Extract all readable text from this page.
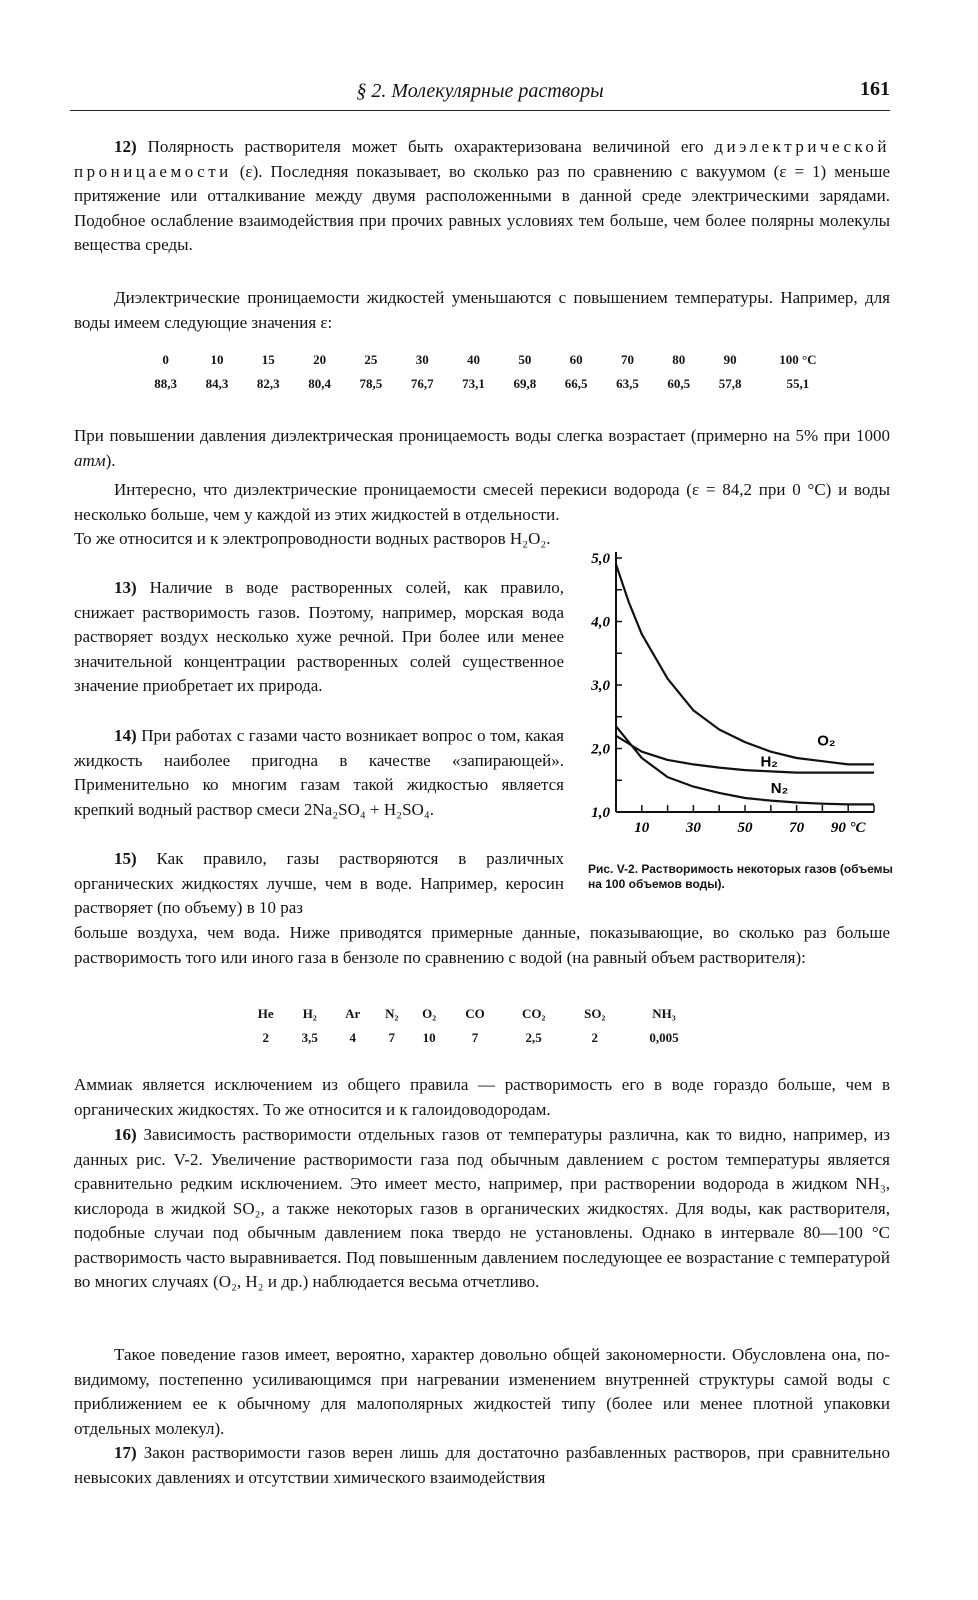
§ 2. Молекулярные растворы	161

12) Полярность растворителя может быть охарактеризована величиной его диэлектрической проницаемости (ε). Последняя показывает, во сколько раз по сравнению с вакуумом (ε = 1) меньше притяжение или отталкивание между двумя расположенными в данной среде электрическими зарядами. Подобное ослабление взаимодействия при прочих равных условиях тем больше, чем более полярны молекулы вещества среды.

Диэлектрические проницаемости жидкостей уменьшаются с повышением температуры. Например, для воды имеем следующие значения ε:

0	10	15	20	25	30	40	50	60	70	80	90	100 °C
88,3	84,3	82,3	80,4	78,5	76,7	73,1	69,8	66,5	63,5	60,5	57,8	55,1

При повышении давления диэлектрическая проницаемость воды слегка возрастает (примерно на 5% при 1000 атм).

Интересно, что диэлектрические проницаемости смесей перекиси водорода (ε = 84,2 при 0 °C) и воды несколько больше, чем у каждой из этих жидкостей в отдельности.

То же относится и к электропроводности водных растворов H₂O₂.

13) Наличие в воде растворенных солей, как правило, снижает растворимость газов. Поэтому, например, морская вода растворяет воздух несколько хуже речной. При более или менее значительной концентрации растворенных солей существенное значение приобретает их природа.

14) При работах с газами часто возникает вопрос о том, какая жидкость наиболее пригодна в качестве «запирающей». Применительно ко многим газам такой жидкостью является крепкий водный раствор смеси 2Na₂SO₄ + H₂SO₄.

15) Как правило, газы растворяются в различных органических жидкостях лучше, чем в воде. Например, керосин растворяет (по объему) в 10 раз

больше воздуха, чем вода. Ниже приводятся примерные данные, показывающие, во сколько раз больше растворимость того или иного газа в бензоле по сравнению с водой (на равный объем растворителя):

He	H₂	Ar	N₂	O₂	CO	CO₂	SO₂	NH₃
2	3,5	4	7	10	7	2,5	2	0,005

Аммиак является исключением из общего правила — растворимость его в воде гораздо больше, чем в органических жидкостях. То же относится и к галоидоводородам.

16) Зависимость растворимости отдельных газов от температуры различна, как то видно, например, из данных рис. V-2. Увеличение растворимости газа под обычным давлением с ростом температуры является сравнительно редким исключением. Это имеет место, например, при растворении водорода в жидком NH₃, кислорода в жидкой SO₂, а также некоторых газов в органических жидкостях. Для воды, как растворителя, подобные случаи под обычным давлением пока твердо не установлены. Однако в интервале 80—100 °C растворимость часто выравнивается. Под повышенным давлением последующее ее возрастание с температурой во многих случаях (O₂, H₂ и др.) наблюдается весьма отчетливо.

Такое поведение газов имеет, вероятно, характер довольно общей закономерности. Обусловлена она, по-видимому, постепенно усиливающимся при нагревании изменением внутренней структуры самой воды с приближением ее к обычному для малополярных жидкостей типу (более или менее плотной упаковки отдельных молекул).

17) Закон растворимости газов верен лишь для достаточно разбавленных растворов, при сравнительно невысоких давлениях и отсутствии химического взаимодействия

1,0
2,0
3,0
4,0
5,0
10 30 50 70 90 °C
O₂
H₂
N₂
Рис. V-2. Растворимость некоторых газов (объемы на 100 объемов воды).
